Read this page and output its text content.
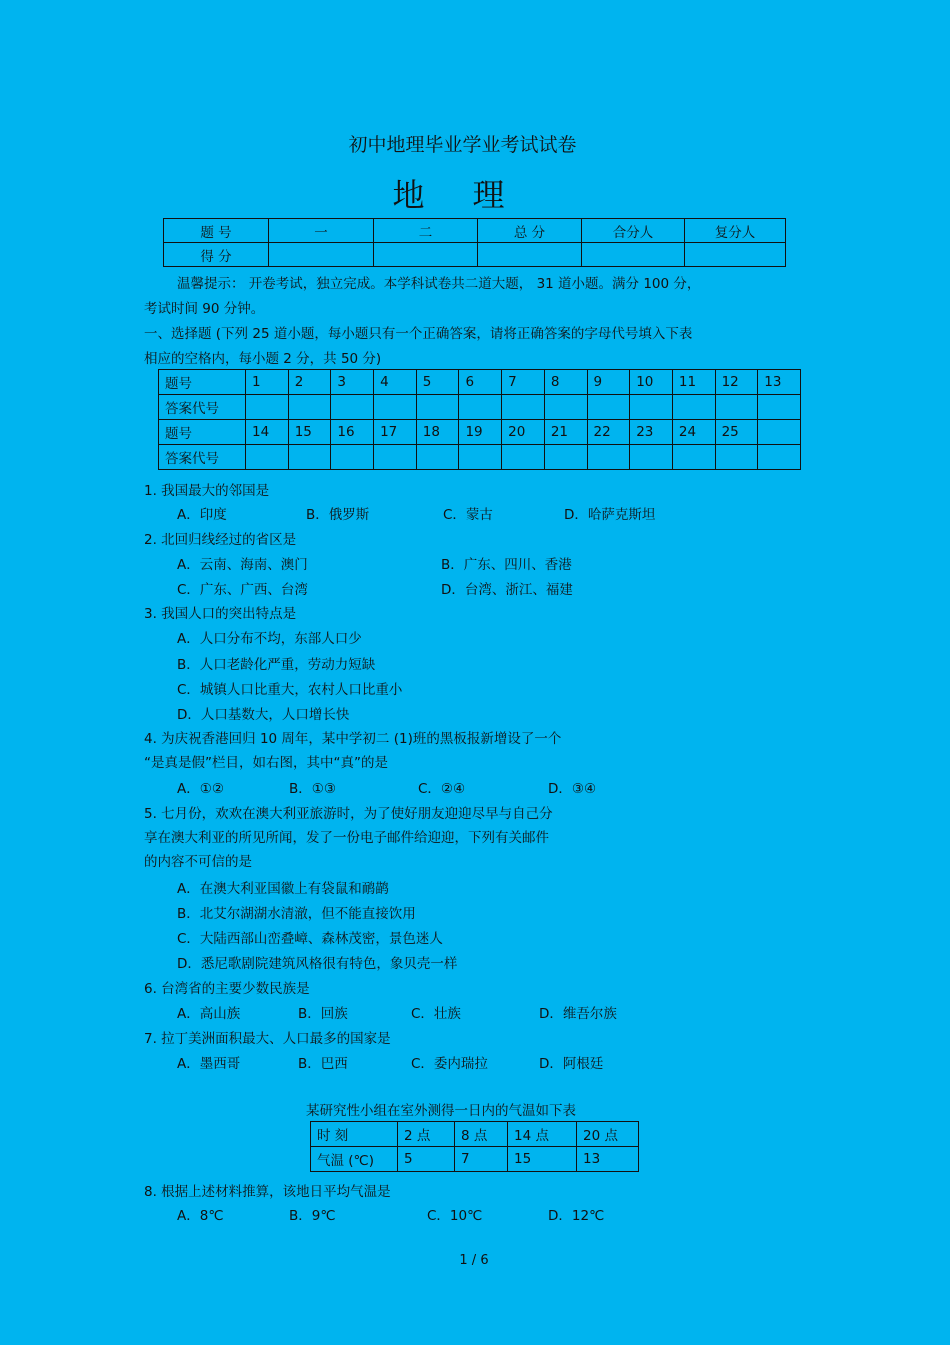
初中地理毕业学业考试试卷
地理
题 号	一	二	总 分	合分人	复分人
得 分					
温馨提示： 开卷考试，独立完成。本学科试卷共二道大题， 31 道小题。满分 100 分，
考试时间 90 分钟。
一、选择题 (下列 25 道小题，每小题只有一个正确答案，请将正确答案的字母代号填入下表
相应的空格内，每小题 2 分，共 50 分)
题号	1	2	3	4	5	6	7	8	9	10	11	12	13
答案代号													
题号	14	15	16	17	18	19	20	21	22	23	24	25	
答案代号													
1. 我国最大的邻国是
A．印度	B．俄罗斯	C．蒙古	D．哈萨克斯坦
2. 北回归线经过的省区是
A．云南、海南、澳门	B．广东、四川、香港
C．广东、广西、台湾	D．台湾、浙江、福建
3. 我国人口的突出特点是
A．人口分布不均，东部人口少
B．人口老龄化严重，劳动力短缺
C．城镇人口比重大，农村人口比重小
D．人口基数大，人口增长快
4. 为庆祝香港回归 10 周年，某中学初二 (1)班的黑板报新增设了一个
“是真是假”栏目，如右图，其中“真”的是
A．①②	B．①③	C．②④	D．③④
5. 七月份，欢欢在澳大利亚旅游时，为了使好朋友迎迎尽早与自己分
享在澳大利亚的所见所闻，发了一份电子邮件给迎迎，下列有关邮件
的内容不可信的是
A．在澳大利亚国徽上有袋鼠和鸸鹋
B．北艾尔湖湖水清澈，但不能直接饮用
C．大陆西部山峦叠嶂、森林茂密，景色迷人
D．悉尼歌剧院建筑风格很有特色，象贝壳一样
6. 台湾省的主要少数民族是
A．高山族	B．回族	C．壮族	D．维吾尔族
7. 拉丁美洲面积最大、人口最多的国家是
A．墨西哥	B．巴西	C．委内瑞拉	D．阿根廷
某研究性小组在室外测得一日内的气温如下表
时 刻	2 点	8 点	14 点	20 点
气温 (℃)	5	7	15	13
8. 根据上述材料推算，该地日平均气温是
A．8℃	B．9℃	C．10℃	D．12℃
1 / 6
